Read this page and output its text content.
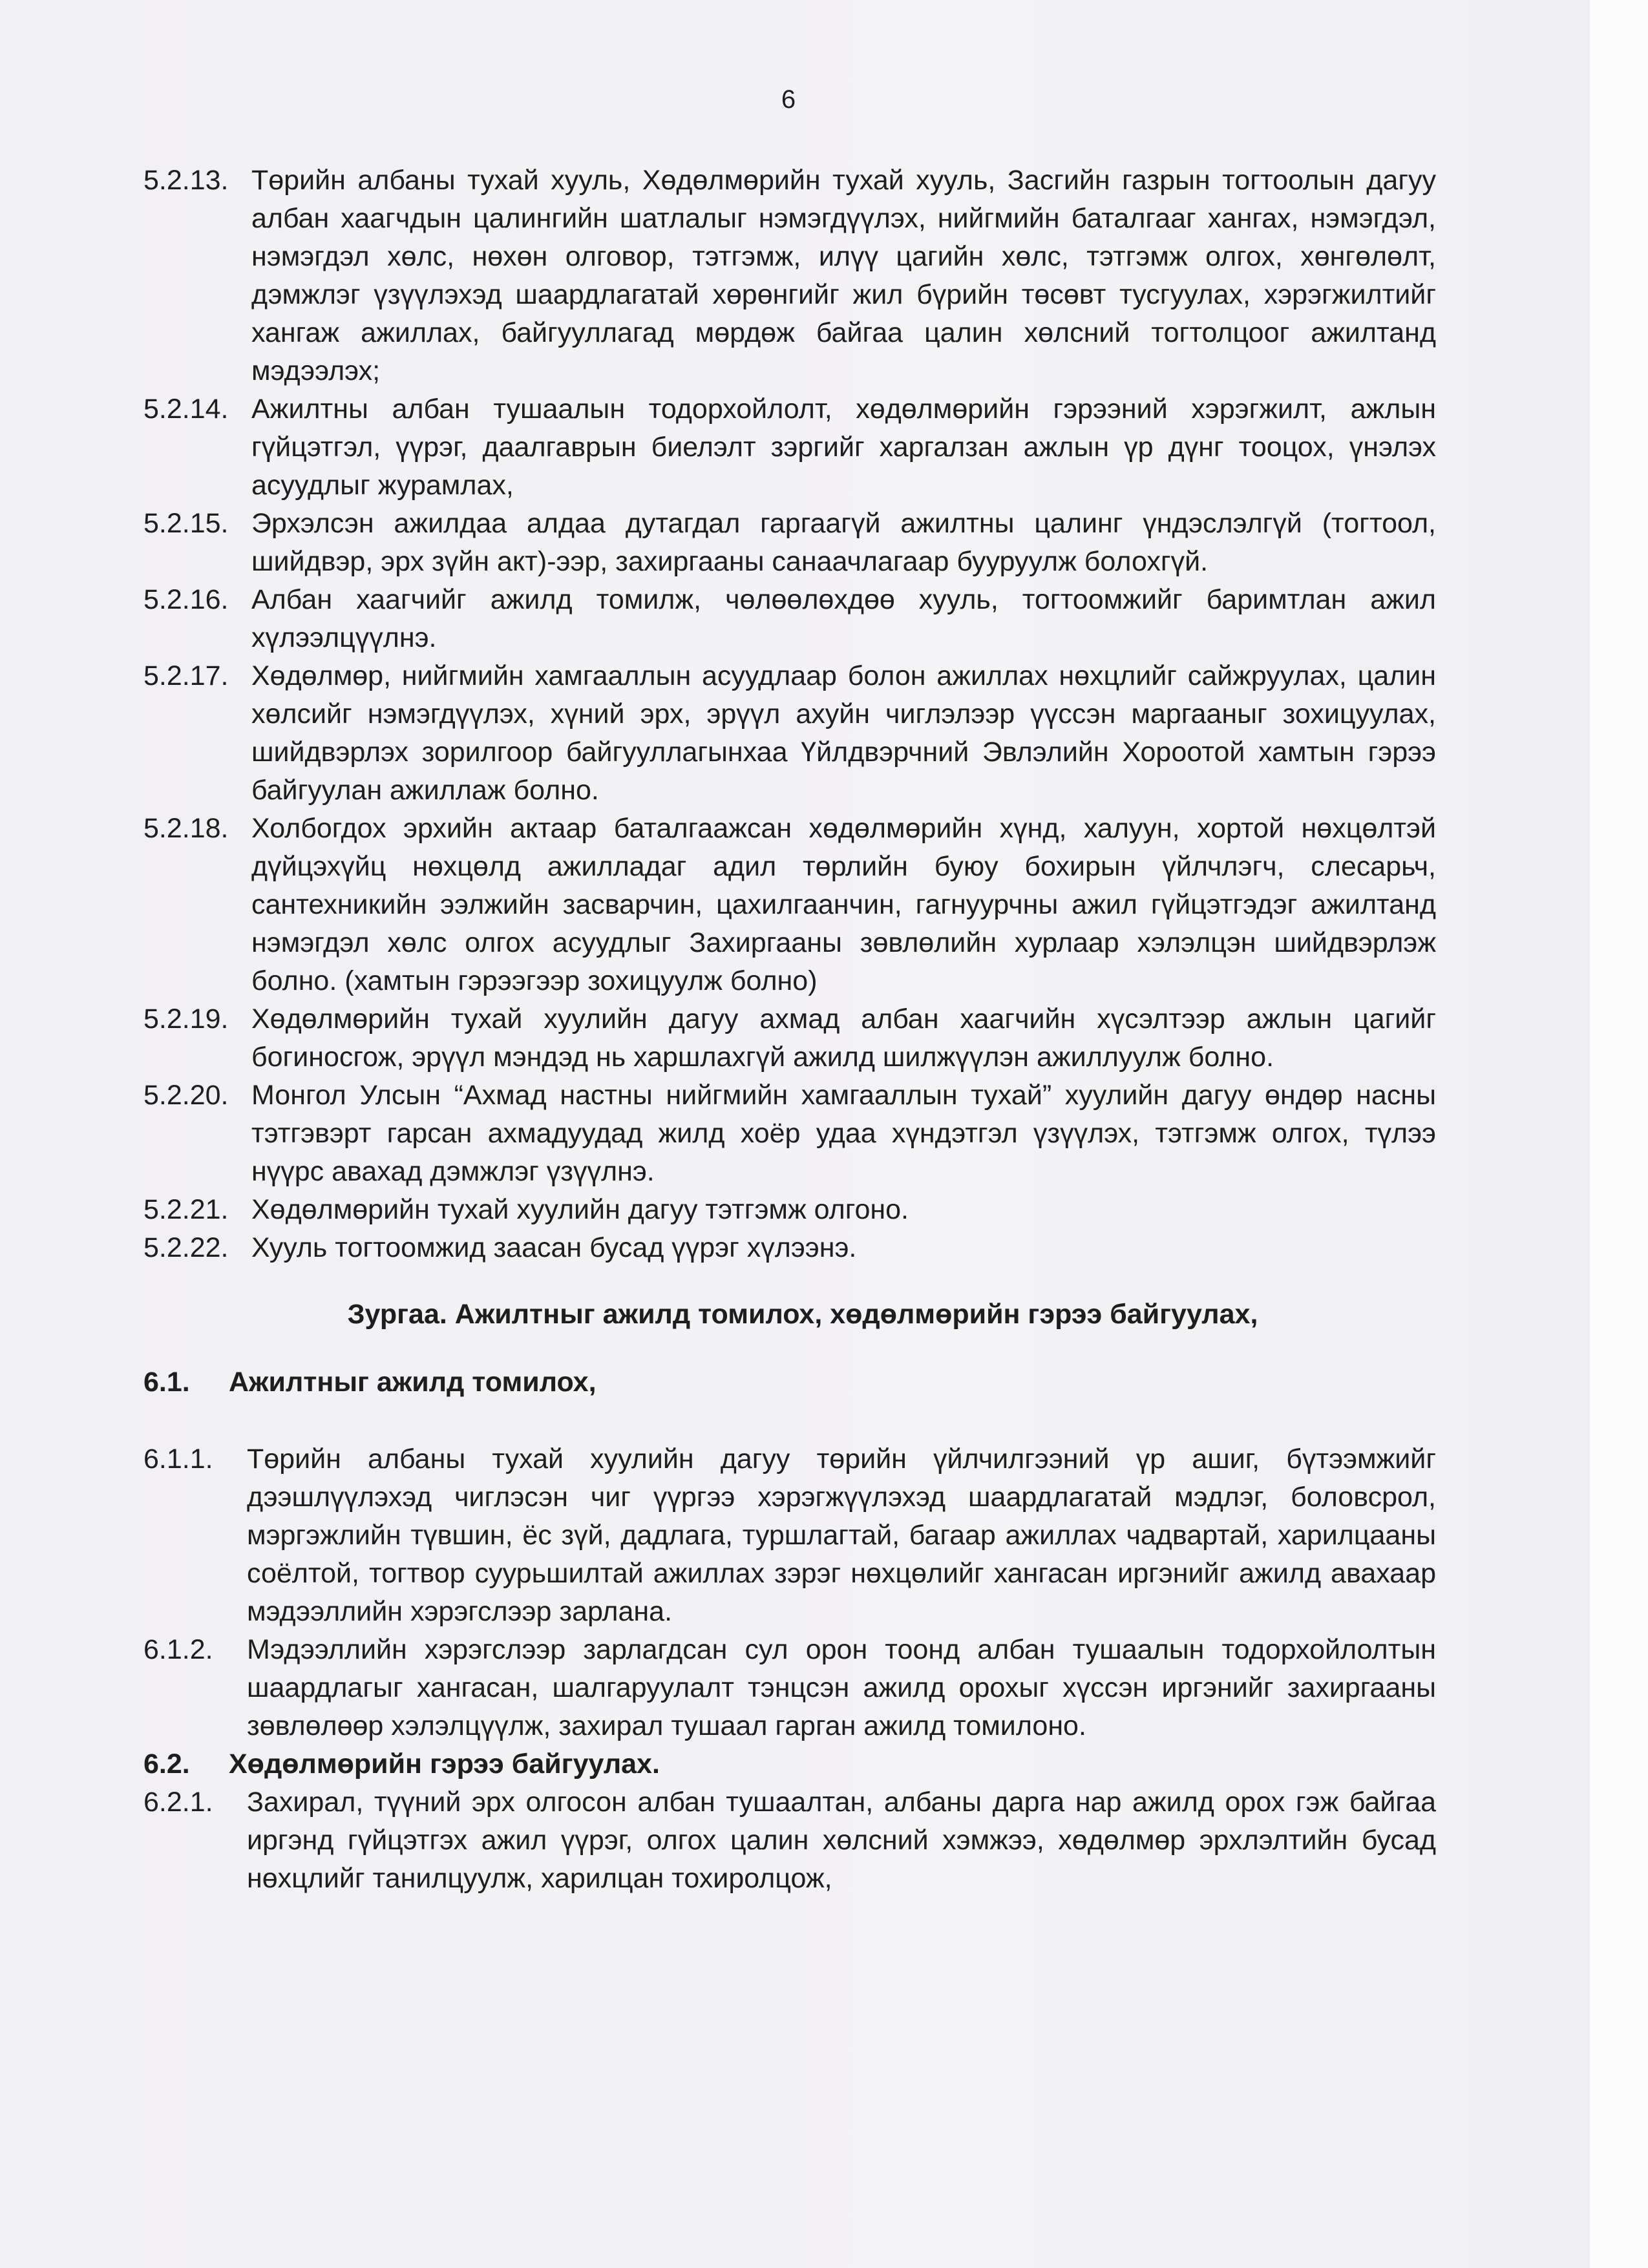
6
5.2.13. Төрийн албаны тухай хууль, Хөдөлмөрийн тухай хууль, Засгийн газрын тогтоолын дагуу албан хаагчдын цалингийн шатлалыг нэмэгдүүлэх, нийгмийн баталгааг хангах, нэмэгдэл, нэмэгдэл хөлс, нөхөн олговор, тэтгэмж, илүү цагийн хөлс, тэтгэмж олгох, хөнгөлөлт, дэмжлэг үзүүлэхэд шаардлагатай хөрөнгийг жил бүрийн төсөвт тусгуулах, хэрэгжилтийг хангаж ажиллах, байгууллагад мөрдөж байгаа цалин хөлсний тогтолцоог ажилтанд мэдээлэх;
5.2.14. Ажилтны албан тушаалын тодорхойлолт, хөдөлмөрийн гэрээний хэрэгжилт, ажлын гүйцэтгэл, үүрэг, даалгаврын биелэлт зэргийг харгалзан ажлын үр дүнг тооцох, үнэлэх асуудлыг журамлах,
5.2.15. Эрхэлсэн ажилдаа алдаа дутагдал гаргаагүй ажилтны цалинг үндэслэлгүй (тогтоол, шийдвэр, эрх зүйн акт)-ээр, захиргааны санаачлагаар бууруулж болохгүй.
5.2.16. Албан хаагчийг ажилд томилж, чөлөөлөхдөө хууль, тогтоомжийг баримтлан ажил хүлээлцүүлнэ.
5.2.17. Хөдөлмөр, нийгмийн хамгааллын асуудлаар болон ажиллах нөхцлийг сайжруулах, цалин хөлсийг нэмэгдүүлэх, хүний эрх, эрүүл ахуйн чиглэлээр үүссэн маргааныг зохицуулах, шийдвэрлэх зорилгоор байгууллагынхаа Үйлдвэрчний Эвлэлийн Хороотой хамтын гэрээ байгуулан ажиллаж болно.
5.2.18. Холбогдох эрхийн актаар баталгаажсан хөдөлмөрийн хүнд, халуун, хортой нөхцөлтэй дүйцэхүйц нөхцөлд ажилладаг адил төрлийн буюу бохирын үйлчлэгч, слесарьч, сантехникийн ээлжийн засварчин, цахилгаанчин, гагнуурчны ажил гүйцэтгэдэг ажилтанд нэмэгдэл хөлс олгох асуудлыг Захиргааны зөвлөлийн хурлаар хэлэлцэн шийдвэрлэж болно. (хамтын гэрээгээр зохицуулж болно)
5.2.19. Хөдөлмөрийн тухай хуулийн дагуу ахмад албан хаагчийн хүсэлтээр ажлын цагийг богиносгож, эрүүл мэндэд нь харшлахгүй ажилд шилжүүлэн ажиллуулж болно.
5.2.20. Монгол Улсын “Ахмад настны нийгмийн хамгааллын тухай” хуулийн дагуу өндөр насны тэтгэвэрт гарсан ахмадуудад жилд хоёр удаа хүндэтгэл үзүүлэх, тэтгэмж олгох, түлээ нүүрс авахад дэмжлэг үзүүлнэ.
5.2.21. Хөдөлмөрийн тухай хуулийн дагуу тэтгэмж олгоно.
5.2.22. Хууль тогтоомжид заасан бусад үүрэг хүлээнэ.
Зургаа. Ажилтныг ажилд томилох, хөдөлмөрийн гэрээ байгуулах,
6.1.	Ажилтныг ажилд томилох,
6.1.1.	Төрийн албаны тухай хуулийн дагуу төрийн үйлчилгээний үр ашиг, бүтээмжийг дээшлүүлэхэд чиглэсэн чиг үүргээ хэрэгжүүлэхэд шаардлагатай мэдлэг, боловсрол, мэргэжлийн түвшин, ёс зүй, дадлага, туршлагтай, багаар ажиллах чадвартай, харилцааны соёлтой, тогтвор суурьшилтай ажиллах зэрэг нөхцөлийг хангасан иргэнийг ажилд авахаар мэдээллийн хэрэгслээр зарлана.
6.1.2.	Мэдээллийн хэрэгслээр зарлагдсан сул орон тоонд албан тушаалын тодорхойлолтын шаардлагыг хангасан, шалгаруулалт тэнцсэн ажилд орохыг хүссэн иргэнийг захиргааны зөвлөлөөр хэлэлцүүлж, захирал тушаал гарган ажилд томилоно.
6.2.	Хөдөлмөрийн гэрээ байгуулах.
6.2.1.	Захирал, түүний эрх олгосон албан тушаалтан, албаны дарга нар ажилд орох гэж байгаа иргэнд гүйцэтгэх ажил үүрэг, олгох цалин хөлсний хэмжээ, хөдөлмөр эрхлэлтийн бусад нөхцлийг танилцуулж, харилцан тохиролцож,
